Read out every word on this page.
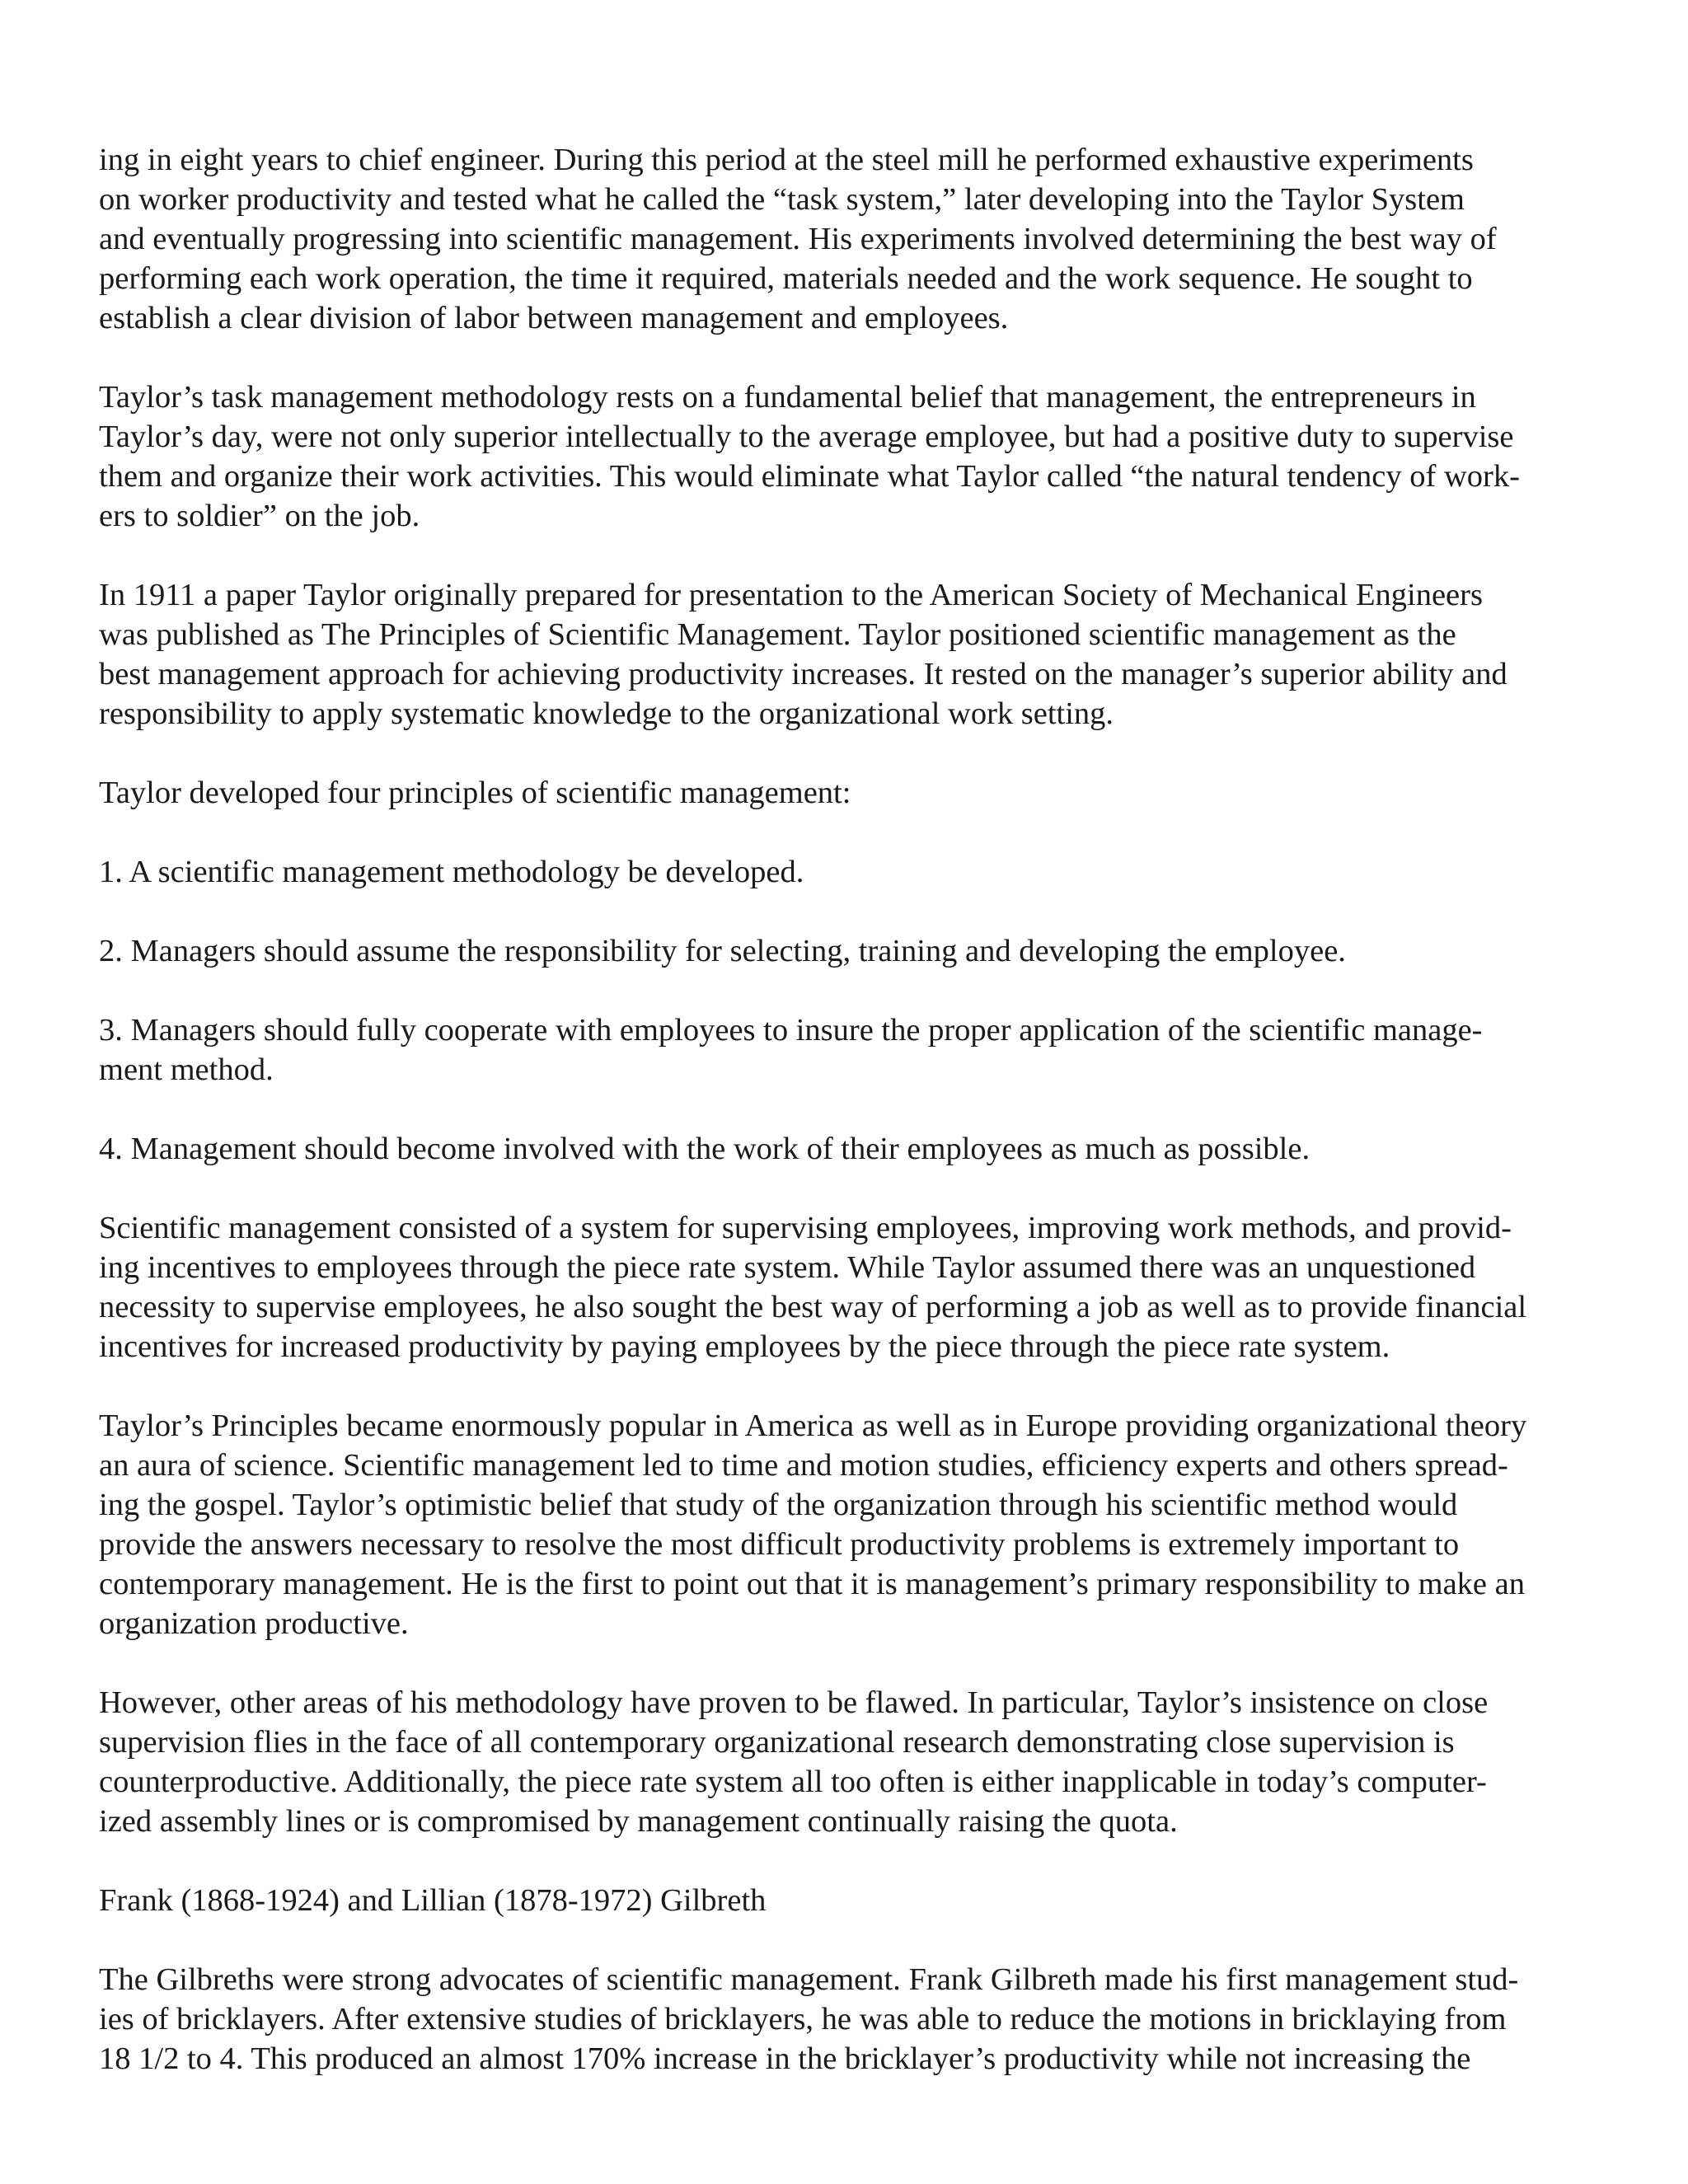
ing in eight years to chief engineer. During this period at the steel mill he performed exhaustive experiments
on worker productivity and tested what he called the “task system,” later developing into the Taylor System
and eventually progressing into scientific management. His experiments involved determining the best way of
performing each work operation, the time it required, materials needed and the work sequence. He sought to
establish a clear division of labor between management and employees.

Taylor’s task management methodology rests on a fundamental belief that management, the entrepreneurs in
Taylor’s day, were not only superior intellectually to the average employee, but had a positive duty to supervise
them and organize their work activities. This would eliminate what Taylor called “the natural tendency of work-
ers to soldier” on the job.

In 1911 a paper Taylor originally prepared for presentation to the American Society of Mechanical Engineers
was published as The Principles of Scientific Management. Taylor positioned scientific management as the
best management approach for achieving productivity increases. It rested on the manager’s superior ability and
responsibility to apply systematic knowledge to the organizational work setting.

Taylor developed four principles of scientific management:

1. A scientific management methodology be developed.

2. Managers should assume the responsibility for selecting, training and developing the employee.

3. Managers should fully cooperate with employees to insure the proper application of the scientific manage-
ment method.

4. Management should become involved with the work of their employees as much as possible.

Scientific management consisted of a system for supervising employees, improving work methods, and provid-
ing incentives to employees through the piece rate system. While Taylor assumed there was an unquestioned
necessity to supervise employees, he also sought the best way of performing a job as well as to provide financial
incentives for increased productivity by paying employees by the piece through the piece rate system.

Taylor’s Principles became enormously popular in America as well as in Europe providing organizational theory
an aura of science. Scientific management led to time and motion studies, efficiency experts and others spread-
ing the gospel. Taylor’s optimistic belief that study of the organization through his scientific method would
provide the answers necessary to resolve the most difficult productivity problems is extremely important to
contemporary management. He is the first to point out that it is management’s primary responsibility to make an
organization productive.

However, other areas of his methodology have proven to be flawed. In particular, Taylor’s insistence on close
supervision flies in the face of all contemporary organizational research demonstrating close supervision is
counterproductive. Additionally, the piece rate system all too often is either inapplicable in today’s computer-
ized assembly lines or is compromised by management continually raising the quota.

Frank (1868-1924) and Lillian (1878-1972) Gilbreth

The Gilbreths were strong advocates of scientific management. Frank Gilbreth made his first management stud-
ies of bricklayers. After extensive studies of bricklayers, he was able to reduce the motions in bricklaying from
18 1/2 to 4. This produced an almost 170% increase in the bricklayer’s productivity while not increasing the
